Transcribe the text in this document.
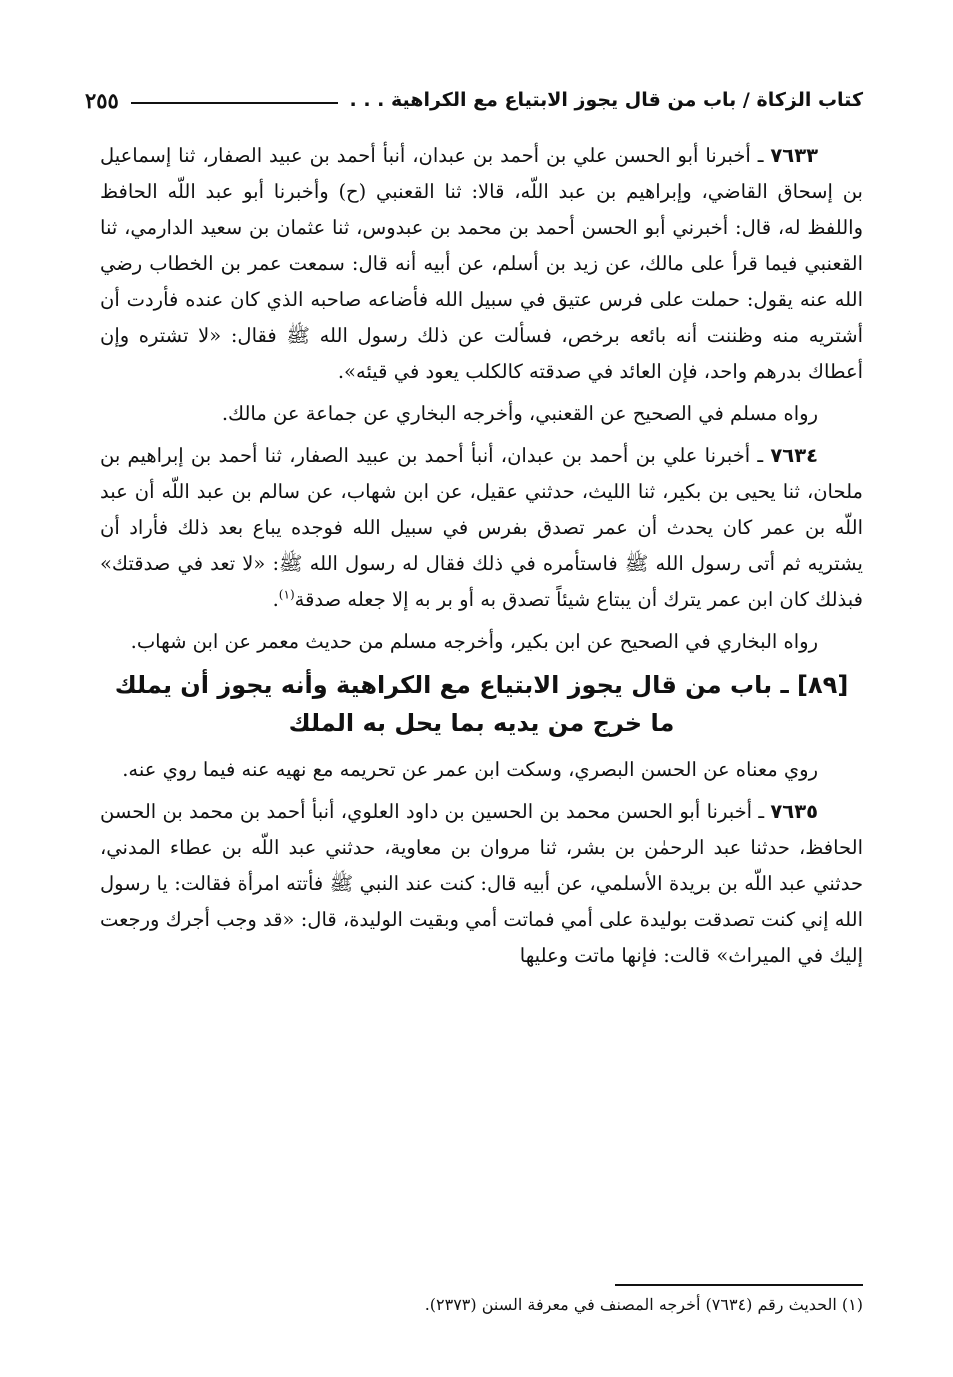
كتاب الزكاة / باب من قال يجوز الابتياع مع الكراهية . . .
٢٥٥

٧٦٣٣ ـ أخبرنا أبو الحسن علي بن أحمد بن عبدان، أنبأ أحمد بن عبيد الصفار، ثنا إسماعيل بن إسحاق القاضي، وإبراهيم بن عبد اللّه، قالا: ثنا القعنبي (ح) وأخبرنا أبو عبد اللّه الحافظ واللفظ له، قال: أخبرني أبو الحسن أحمد بن محمد بن عبدوس، ثنا عثمان بن سعيد الدارمي، ثنا القعنبي فيما قرأ على مالك، عن زيد بن أسلم، عن أبيه أنه قال: سمعت عمر بن الخطاب رضي الله عنه يقول: حملت على فرس عتيق في سبيل الله فأضاعه صاحبه الذي كان عنده فأردت أن أشتريه منه وظننت أنه بائعه برخص، فسألت عن ذلك رسول الله ﷺ فقال: «لا تشتره وإن أعطاك بدرهم واحد، فإن العائد في صدقته كالكلب يعود في قيئه».

رواه مسلم في الصحيح عن القعنبي، وأخرجه البخاري عن جماعة عن مالك.

٧٦٣٤ ـ أخبرنا علي بن أحمد بن عبدان، أنبأ أحمد بن عبيد الصفار، ثنا أحمد بن إبراهيم بن ملحان، ثنا يحيى بن بكير، ثنا الليث، حدثني عقيل، عن ابن شهاب، عن سالم بن عبد اللّه أن عبد اللّه بن عمر كان يحدث أن عمر تصدق بفرس في سبيل الله فوجده يباع بعد ذلك فأراد أن يشتريه ثم أتى رسول الله ﷺ فاستأمره في ذلك فقال له رسول الله ﷺ: «لا تعد في صدقتك» فبذلك كان ابن عمر يترك أن يبتاع شيئاً تصدق به أو بر به إلا جعله صدقة$^{(١)}$.

رواه البخاري في الصحيح عن ابن بكير، وأخرجه مسلم من حديث معمر عن ابن شهاب.

[٨٩] ـ باب من قال يجوز الابتياع مع الكراهية وأنه يجوز أن يملك ما خرج من يديه بما يحل به الملك

روي معناه عن الحسن البصري، وسكت ابن عمر عن تحريمه مع نهيه عنه فيما روي عنه.

٧٦٣٥ ـ أخبرنا أبو الحسن محمد بن الحسين بن داود العلوي، أنبأ أحمد بن محمد بن الحسن الحافظ، حدثنا عبد الرحمٰن بن بشر، ثنا مروان بن معاوية، حدثني عبد اللّه بن عطاء المدني، حدثني عبد اللّه بن بريدة الأسلمي، عن أبيه قال: كنت عند النبي ﷺ فأتته امرأة فقالت: يا رسول الله إني كنت تصدقت بوليدة على أمي فماتت أمي وبقيت الوليدة، قال: «قد وجب أجرك ورجعت إليك في الميراث» قالت: فإنها ماتت وعليها

(١) الحديث رقم (٧٦٣٤) أخرجه المصنف في معرفة السنن (٢٣٧٣).
